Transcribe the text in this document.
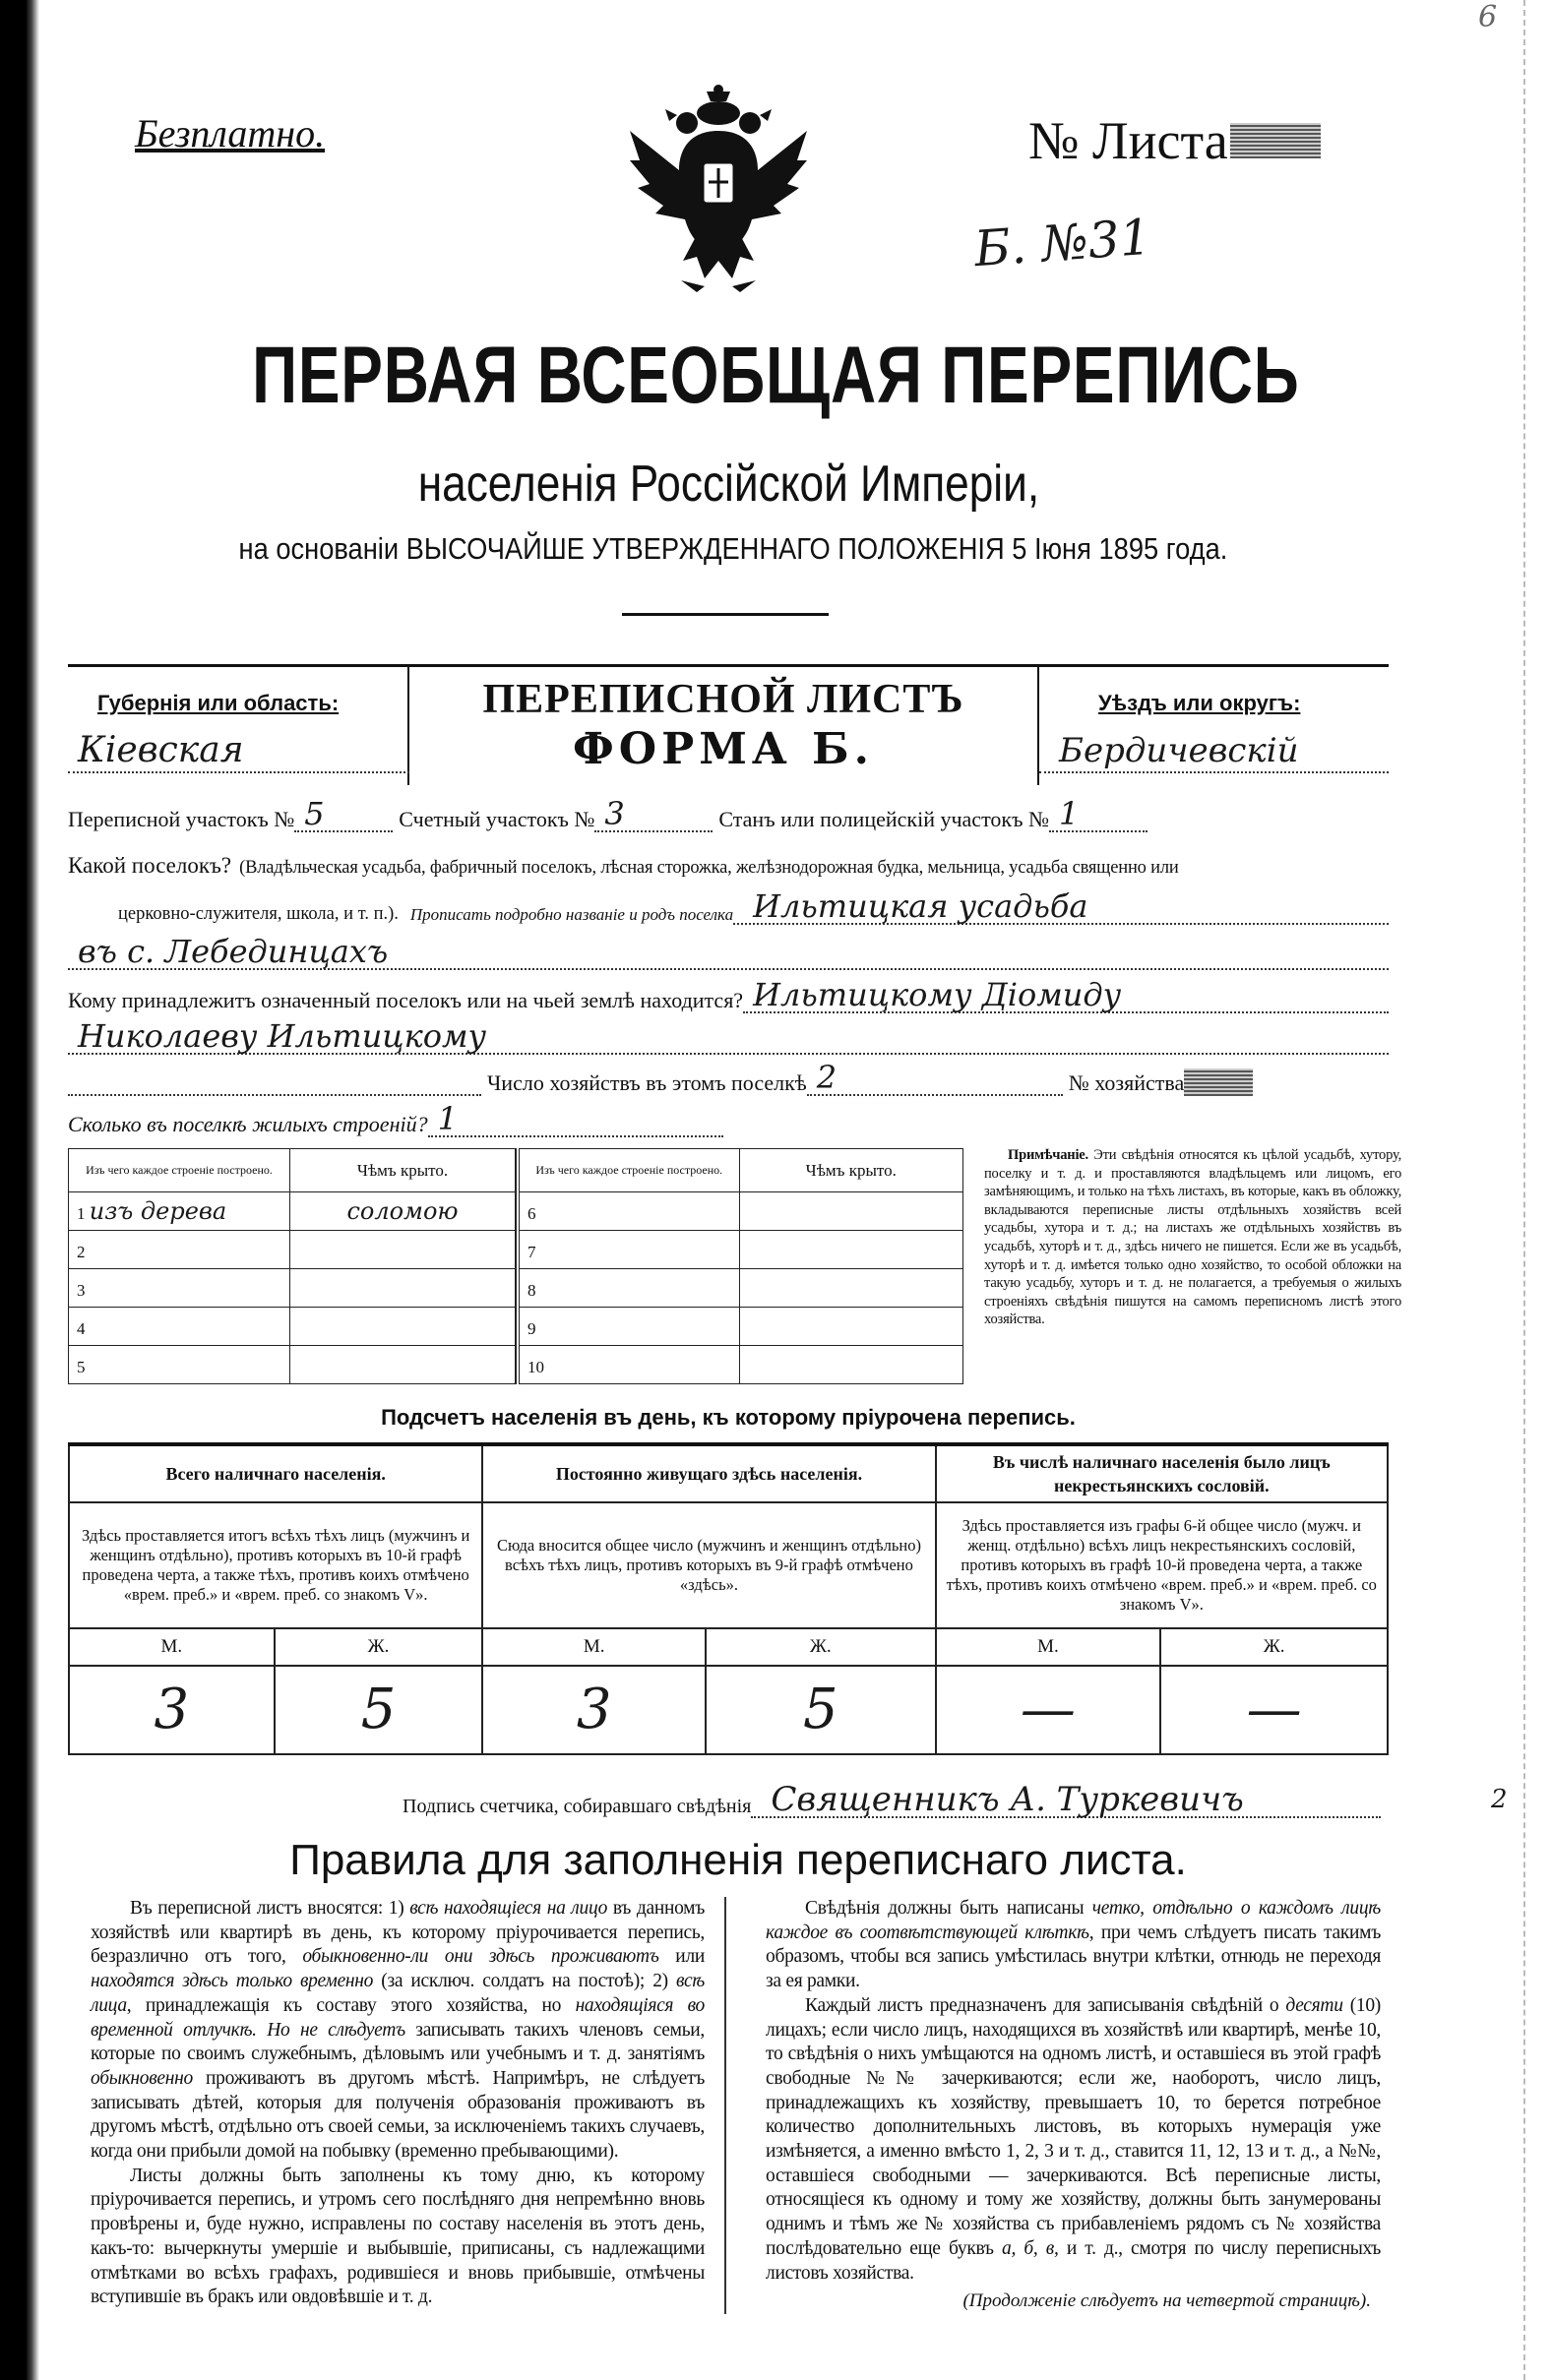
Безплатно.	№ Листа
Б. №31
6
ПЕРВАЯ ВСЕОБЩАЯ ПЕРЕПИСЬ
населенія Россійской Имперіи,
на основаніи ВЫСОЧАЙШЕ УТВЕРЖДЕННАГО ПОЛОЖЕНІЯ 5 Іюня 1895 года.
Губернія или область:
Кіевская
ПЕРЕПИСНОЙ ЛИСТЪ
ФОРМА Б.
Уѣздъ или округъ:
Бердичевскій
Переписной участокъ № 5	Счетный участокъ № 3	Станъ или полицейскій участокъ № 1
Какой поселокъ? (Владѣльческая усадьба, фабричный поселокъ, лѣсная сторожка, желѣзнодорожная будка, мельница, усадьба священно или
церковно-служителя, школа, и т. п.). Прописать подробно названіе и родъ поселка Ильтицкая усадьба
въ с. Лебединцахъ
Кому принадлежитъ означенный поселокъ или на чьей землѣ находится? Ильтицкому Діомиду
Николаеву Ильтицкому
Число хозяйствъ въ этомъ поселкѣ 2	№ хозяйства
Сколько въ поселкѣ жилыхъ строеній? 1
Изъ чего каждое строеніе построено.	Чѣмъ крыто.
1 изъ дерева	соломою
2	
3	
4	
5	
Изъ чего каждое строеніе построено.	Чѣмъ крыто.
6	
7	
8	
9	
10	
Примѣчаніе. Эти свѣдѣнія относятся къ цѣлой усадьбѣ, хутору, поселку и т. д. и проставляются владѣльцемъ или лицомъ, его замѣняющимъ, и только на тѣхъ листахъ, въ которые, какъ въ обложку, вкладываются переписные листы отдѣльныхъ хозяйствъ всей усадьбы, хутора и т. д.; на листахъ же отдѣльныхъ хозяйствъ въ усадьбѣ, хуторѣ и т. д., здѣсь ничего не пишется. Если же въ усадьбѣ, хуторѣ и т. д. имѣется только одно хозяйство, то особой обложки на такую усадьбу, хуторъ и т. д. не полагается, а требуемыя о жилыхъ строеніяхъ свѣдѣнія пишутся на самомъ переписномъ листѣ этого хозяйства.
Подсчетъ населенія въ день, къ которому пріурочена перепись.
Всего наличнаго населенія.		Постоянно живущаго здѣсь населенія.		Въ числѣ наличнаго населенія было лицъ некрестьянскихъ сословій.	
Здѣсь проставляется итогъ всѣхъ тѣхъ лицъ (мужчинъ и женщинъ отдѣльно), противъ которыхъ въ 10-й графѣ проведена черта, а также тѣхъ, противъ коихъ отмѣчено «врем. преб.» и «врем. преб. со знакомъ V».		Сюда вносится общее число (мужчинъ и женщинъ отдѣльно) всѣхъ тѣхъ лицъ, противъ которыхъ въ 9-й графѣ отмѣчено «здѣсь».		Здѣсь проставляется изъ графы 6-й общее число (мужч. и женщ. отдѣльно) всѣхъ лицъ некрестьянскихъ сословій, противъ которыхъ въ графѣ 10-й проведена черта, а также тѣхъ, противъ коихъ отмѣчено «врем. преб.» и «врем. преб. со знакомъ V».	
М.	Ж.	М.	Ж.	М.	Ж.
3	5	3	5	—	—
Подпись счетчика, собиравшаго свѣдѣнія Священникъ А. Туркевичъ	2
Правила для заполненія переписнаго листа.

Въ переписной листъ вносятся: 1) всѣ находящіеся на лицо въ данномъ хозяйствѣ или квартирѣ въ день, къ которому пріурочивается перепись, безразлично отъ того, обыкновенно-ли они здѣсь проживаютъ или находятся здѣсь только временно (за исключ. солдатъ на постоѣ); 2) всѣ лица, принадлежащія къ составу этого хозяйства, но находящіяся во временной отлучкѣ. Но не слѣдуетъ записывать такихъ членовъ семьи, которые по своимъ служебнымъ, дѣловымъ или учебнымъ и т. д. занятіямъ обыкновенно проживаютъ въ другомъ мѣстѣ. Напримѣръ, не слѣдуетъ записывать дѣтей, которыя для полученія образованія проживаютъ въ другомъ мѣстѣ, отдѣльно отъ своей семьи, за исключеніемъ такихъ случаевъ, когда они прибыли домой на побывку (временно пребывающими).

Листы должны быть заполнены къ тому дню, къ которому пріурочивается перепись, и утромъ сего послѣдняго дня непремѣнно вновь провѣрены и, буде нужно, исправлены по составу населенія въ этотъ день, какъ-то: вычеркнуты умершіе и выбывшіе, приписаны, съ надлежащими отмѣтками во всѣхъ графахъ, родившіеся и вновь прибывшіе, отмѣчены вступившіе въ бракъ или овдовѣвшіе и т. д.

Свѣдѣнія должны быть написаны четко, отдѣльно о каждомъ лицѣ каждое въ соотвѣтствующей клѣткѣ, при чемъ слѣдуетъ писать такимъ образомъ, чтобы вся запись умѣстилась внутри клѣтки, отнюдь не переходя за ея рамки.

Каждый листъ предназначенъ для записыванія свѣдѣній о десяти (10) лицахъ; если число лицъ, находящихся въ хозяйствѣ или квартирѣ, менѣе 10, то свѣдѣнія о нихъ умѣщаются на одномъ листѣ, и оставшіеся въ этой графѣ свободные №№ зачеркиваются; если же, наоборотъ, число лицъ, принадлежащихъ къ хозяйству, превышаетъ 10, то берется потребное количество дополнительныхъ листовъ, въ которыхъ нумерація уже измѣняется, а именно вмѣсто 1, 2, 3 и т. д., ставится 11, 12, 13 и т. д., а №№, оставшіеся свободными — зачеркиваются. Всѣ переписные листы, относящіеся къ одному и тому же хозяйству, должны быть занумерованы однимъ и тѣмъ же № хозяйства съ прибавленіемъ рядомъ съ № хозяйства послѣдовательно еще буквъ а, б, в, и т. д., смотря по числу переписныхъ листовъ хозяйства.

(Продолженіе слѣдуетъ на четвертой страницѣ).
